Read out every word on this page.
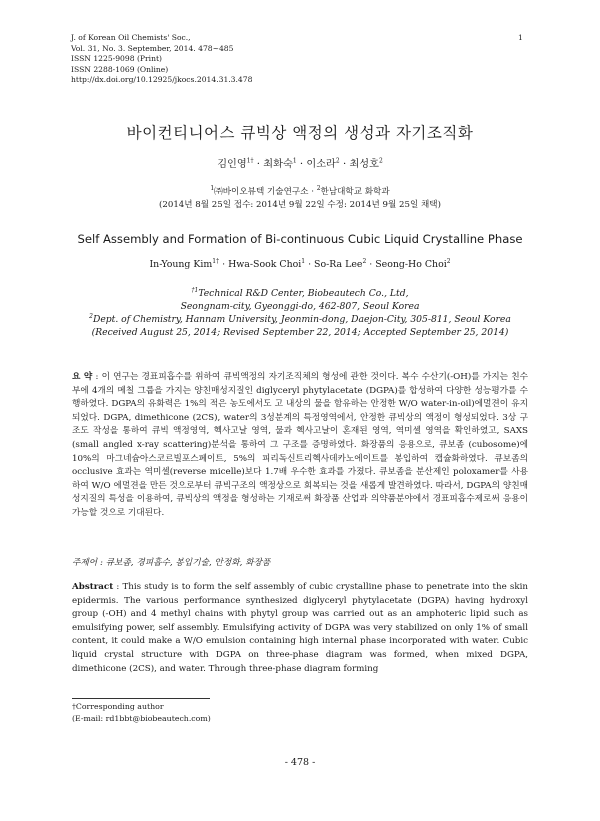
J. of Korean Oil Chemists' Soc.,
Vol. 31, No. 3. September, 2014. 478~485
ISSN 1225-9098 (Print)
ISSN 2288-1069 (Online)
http://dx.doi.org/10.12925/jkocs.2014.31.3.478
1
바이컨티니어스 큐빅상 액정의 생성과 자기조직화
김인영$^{1\dagger}$ · 최화숙$^1$ · 이소라$^2$ · 최성호$^2$
$^1$㈜바이오뷰텍 기술연구소 · $^2$한남대학교 화학과
(2014년 8월 25일 접수: 2014년 9월 22일 수정: 2014년 9월 25일 채택)
Self Assembly and Formation of Bi-continuous Cubic Liquid Crystalline Phase
In-Young Kim$^{1\dagger}$ · Hwa-Sook Choi$^1$ · So-Ra Lee$^2$ · Seong-Ho Choi$^2$
$^{\dagger 1}$Technical R&D Center, Biobeautech Co., Ltd,
Seongnam-city, Gyeonggi-do, 462-807, Seoul Korea
$^2$Dept. of Chemistry, Hannam University, Jeonmin-dong, Daejon-City, 305-811, Seoul Korea
(Received August 25, 2014; Revised September 22, 2014; Accepted September 25, 2014)
요 약 : 이 연구는 경표피흡수를 위하여 큐빅액정의 자기조직체의 형성에 관한 것이다. 복수 수산기(-OH)를 가지는 친수부에 4개의 메칠 그룹을 가지는 양친매성지질인 diglyceryl phytylacetate (DGPA)를 합성하여 다양한 성능평가를 수행하였다. DGPA의 유화력은 1%의 적은 농도에서도 고 내상의 물을 함유하는 안정한 W/O water-in-oil)에멀젼이 유지되었다. DGPA, dimethicone (2CS), water의 3성분계의 특정영역에서, 안정한 큐빅상의 액정이 형성되었다. 3상 구조도 작성을 통하여 큐빅 액정영역, 헥사고날 영역, 물과 헥사고날이 혼재된 영역, 역미셀 영역을 확인하였고, SAXS (small angled x-ray scattering)분석을 통하여 그 구조를 증명하였다. 화장품의 응용으로, 큐보좀 (cubosome)에 10%의 마그네슘아스코르빌포스페이트, 5%의 피리독신트리헥사데카노에이트를 봉입하여 캡슐화하였다. 큐보좀의 occlusive 효과는 역미셀(reverse micelle)보다 1.7배 우수한 효과를 가졌다. 큐보좀을 분산제인 poloxamer를 사용하여 W/O 에멀젼을 만든 것으로부터 큐빅구조의 액정상으로 회복되는 것을 새롭게 발견하였다. 따라서, DGPA의 양친매성지질의 특성을 이용하여, 큐빅상의 액정을 형성하는 기재로써 화장품 산업과 의약품분야에서 경표피흡수제로써 응용이 가능할 것으로 기대된다.
주제어 : 큐보좀, 경피흡수, 봉입기술, 안정화, 화장품
Abstract : This study is to form the self assembly of cubic crystalline phase to penetrate into the skin epidermis. The various performance synthesized diglyceryl phytylacetate (DGPA) having hydroxyl group (-OH) and 4 methyl chains with phytyl group was carried out as an amphoteric lipid such as emulsifying power, self assembly. Emulsifying activity of DGPA was very stabilized on only 1% of small content, it could make a W/O emulsion containing high internal phase incorporated with water. Cubic liquid crystal structure with DGPA on three-phase diagram was formed, when mixed DGPA, dimethicone (2CS), and water. Through three-phase diagram forming
†Corresponding author
(E-mail: rd1bbt@biobeautech.com)
- 478 -
